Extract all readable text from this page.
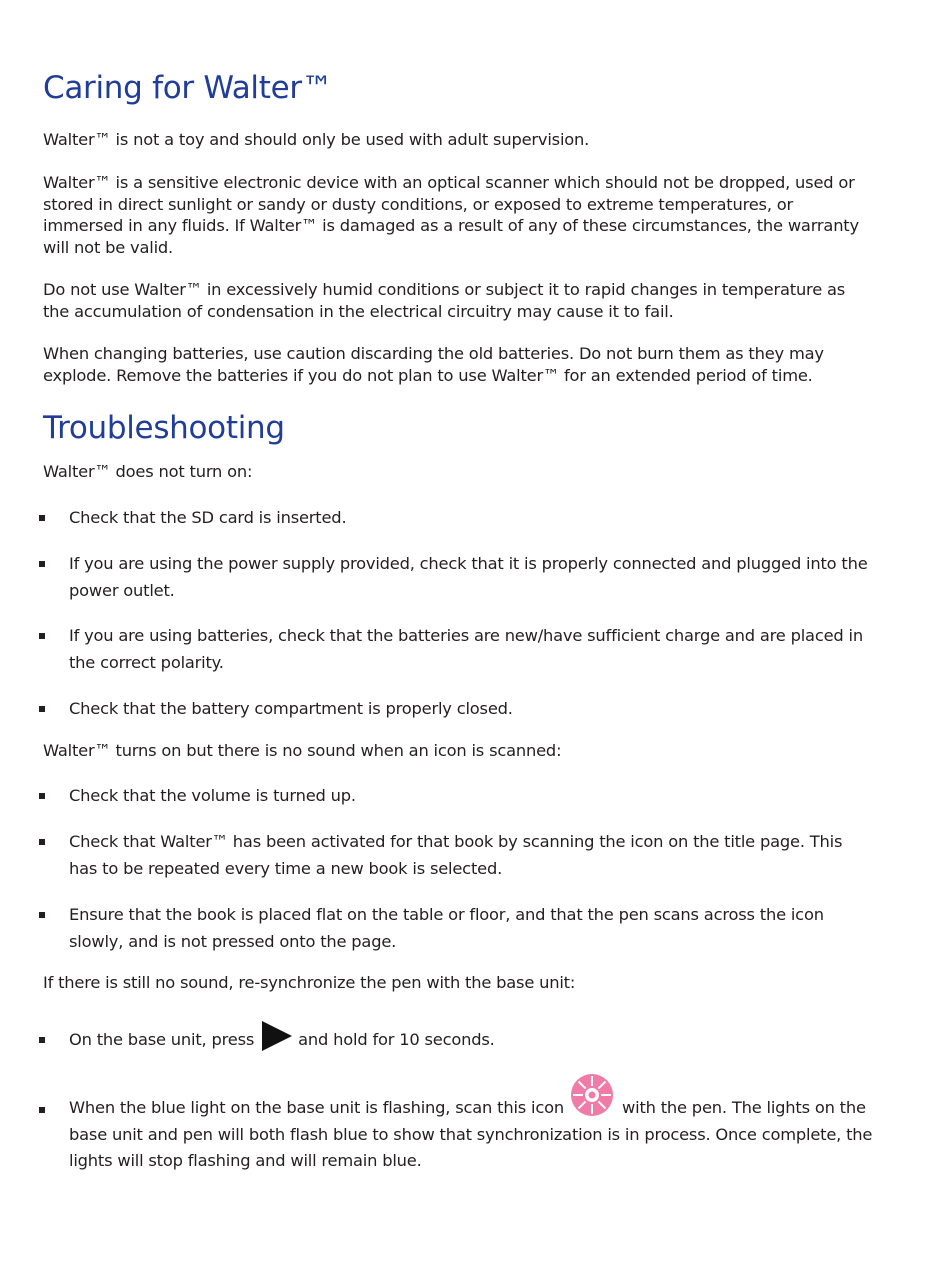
Caring for Walter™

Walter™ is not a toy and should only be used with adult supervision.

Walter™ is a sensitive electronic device with an optical scanner which should not be dropped, used or stored in direct sunlight or sandy or dusty conditions, or exposed to extreme temperatures, or immersed in any fluids. If Walter™ is damaged as a result of any of these circumstances, the warranty will not be valid.

Do not use Walter™ in excessively humid conditions or subject it to rapid changes in temperature as the accumulation of condensation in the electrical circuitry may cause it to fail.

When changing batteries, use caution discarding the old batteries. Do not burn them as they may explode. Remove the batteries if you do not plan to use Walter™ for an extended period of time.

Troubleshooting

Walter™ does not turn on:

Check that the SD card is inserted.
If you are using the power supply provided, check that it is properly connected and plugged into the power outlet.
If you are using batteries, check that the batteries are new/have sufficient charge and are placed in the correct polarity.
Check that the battery compartment is properly closed.

Walter™ turns on but there is no sound when an icon is scanned:

Check that the volume is turned up.
Check that Walter™ has been activated for that book by scanning the icon on the title page. This has to be repeated every time a new book is selected.
Ensure that the book is placed flat on the table or floor, and that the pen scans across the icon slowly, and is not pressed onto the page.

If there is still no sound, re-synchronize the pen with the base unit:

On the base unit, press	and hold for 10 seconds.
When the blue light on the base unit is flashing, scan this icon	with the pen. The lights on the base unit and pen will both flash blue to show that synchronization is in process. Once complete, the lights will stop flashing and will remain blue.
